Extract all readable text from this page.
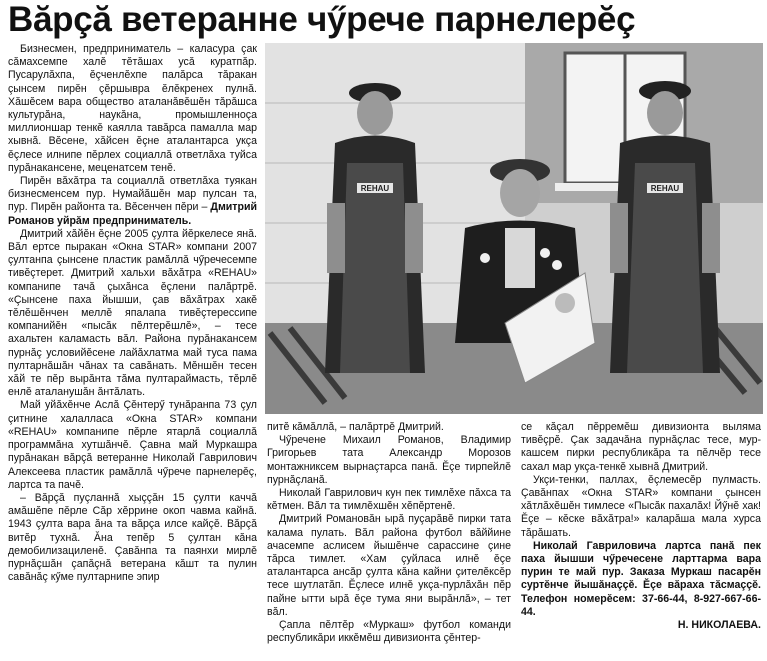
Вăрçă ветеранне чӳрече парнелерĕç

Бизнесмен, предприниматель – каласура çак сăмахсемпе халĕ тĕтăшах усă куратпăр. Пусарулăхпа, ĕçченлĕхпе палăрса тăракан çынсем пирĕн çĕршывра ĕлĕкренех пулнă. Хăшĕсем вара общество аталанăвĕшĕн тăрăшса культурăна, наукăна, промышленноçа миллионшар тенкĕ каялла тавăрса памалла мар хывнă. Вĕсене, хăйсен ĕçне аталантарса укçа ĕçлесе илнипе пĕрлех социаллă ответлăха туйса пурăнакансене, меценатсем тенĕ.

Пирĕн вăхăтра та социаллă ответлăха туякан бизнесменсем пур. Нумайăшĕн мар пулсан та, пур. Пирĕн районта та. Вĕсенчен пĕри – Дмитрий Романов уйрăм предприниматель.

Дмитрий хăйĕн ĕçне 2005 çулта йĕркелесе янă. Вăл ертсе пыракан «Окна STAR» компани 2007 çултанпа çынсене пластик рамăллă чӳречесемпе тивĕçтерет. Дмитрий хальхи вăхăтра «REHAU» компанипе тачă çыхăнса ĕçлени палăртрĕ. «Çынсене паха йышши, çав вăхăтрах хакĕ тĕлĕшĕнчен меллĕ япалапа тивĕçтерессипе компанийĕн «пысăк пĕлтерĕшлĕ», – тесе ахальтен каламасть вăл. Района пурăнакансем пурнăç условийĕсене лайăхлатма май туса пама пултарнăшăн чăнах та савăнать. Мĕншĕн тесен хăй те пĕр вырăнта тăма пултараймасть, тĕрлĕ енлĕ аталанушăн ăнтăлать.

Май уйăхĕнче Аслă Çĕнтерӳ тунăранпа 73 çул çитнине халалласа «Окна STAR» компани «REHAU» компанипе пĕрле ятарлă социаллă программăна хутшăнчĕ. Çавна май Муркашра пурăнакан вăрçă ветеранне Николай Гаврилович Алексеева пластик рамăллă чӳрече парнелерĕç, лартса та пачĕ.

– Вăрçă пуçланнă хыççăн 15 çулти каччă амăшĕпе пĕрле Сăр хĕррине окоп чавма кайнă. 1943 çулта вара ăна та вăрçа илсе кайçĕ. Вăрçă витĕр тухнă. Ăна тепĕр 5 çултан кăна демобилизациленĕ. Çавăнпа та паянхи мирлĕ пурнăçшăн çапăçнă ветерана кăшт та пулин савăнăç кӳме пултарнипе эпир

REHAU	REHAU

питĕ кăмăллă, – палăртрĕ Дмитрий.

Чӳречене Михаил Романов, Владимир Григорьев тата Александр Морозов монтажниксем вырнаçтарса панă. Ĕçе тирпейлĕ пурнăçланă.

Николай Гаврилович кун пек тимлĕхе пăхса та кĕтмен. Вăл та тимлĕхшĕн хĕпĕртенĕ.

Дмитрий Романовăн ырă пуçарăвĕ пирки тата калама пулать. Вăл района футбол вăййине ачасемпе аслисем йышĕнче сарассине çине тăрса тимлет. «Хам çуйласа илнĕ ĕçе аталантарса ансăр çулта кăна кайни çителĕксĕр тесе шутлатăп. Ĕçлесе илнĕ укçа-пурлăхăн пĕр пайне ытти ырă ĕçе тума яни вырăнлă», – тет вăл.

Çапла пĕлтĕр «Муркаш» футбол команди республикăри иккĕмĕш дивизионта çĕнтер-

се кăçал пĕрремĕш дивизионта выляма тивĕçрĕ. Çак задачăна пурнăçлас тесе, муркашсем пирки республикăра та пĕлчĕр тесе сахал мар укçа-тенкĕ хывнă Дмитрий.

Укçи-тенки, паллах, ĕçлемесĕр пулмасть. Çавăнпах «Окна STAR» компани çынсен хăтлăхĕшĕн тимлесе «Пысăк пахалăх! Йӳнĕ хак! Ĕçе – кĕске вăхăтра!» каларăша мала хурса тăрăшать.

Николай Гавриловича лартса панă пек паха йышши чӳречесене ларттарма вара пурин те май пур. Заказа Муркаш пасарĕн суртĕнче йышăнаççĕ. Ĕçе вăраха тăсмаççĕ. Телефон номерĕсем: 37-66-44, 8-927-667-66-44.

Н. НИКОЛАЕВА.
